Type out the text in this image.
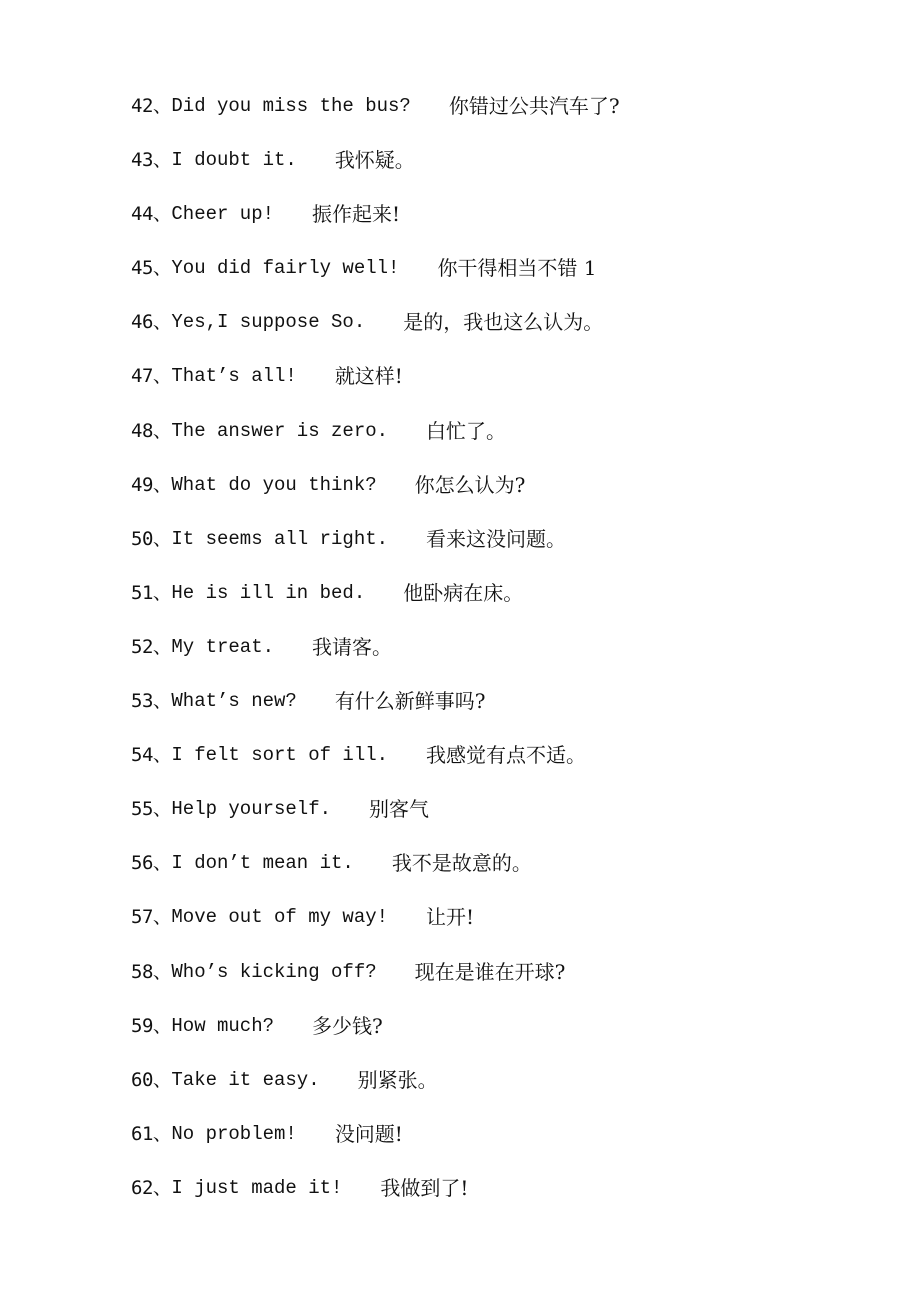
42、 Did you miss the bus? 你错过公共汽车了?
43、 I doubt it. 我怀疑。
44、 Cheer up! 振作起来!
45、 You did fairly well! 你干得相当不错 1
46、 Yes,I suppose So. 是的，我也这么认为。
47、 That’s all! 就这样!
48、 The answer is zero. 白忙了。
49、 What do you think? 你怎么认为?
50、 It seems all right. 看来这没问题。
51、 He is ill in bed. 他卧病在床。
52、 My treat. 我请客。
53、 What’s new? 有什么新鲜事吗?
54、 I felt sort of ill. 我感觉有点不适。
55、 Help yourself. 别客气
56、 I don’t mean it. 我不是故意的。
57、 Move out of my way! 让开!
58、 Who’s kicking off? 现在是谁在开球?
59、 How much? 多少钱?
60、 Take it easy. 别紧张。
61、 No problem! 没问题!
62、 I just made it! 我做到了!
